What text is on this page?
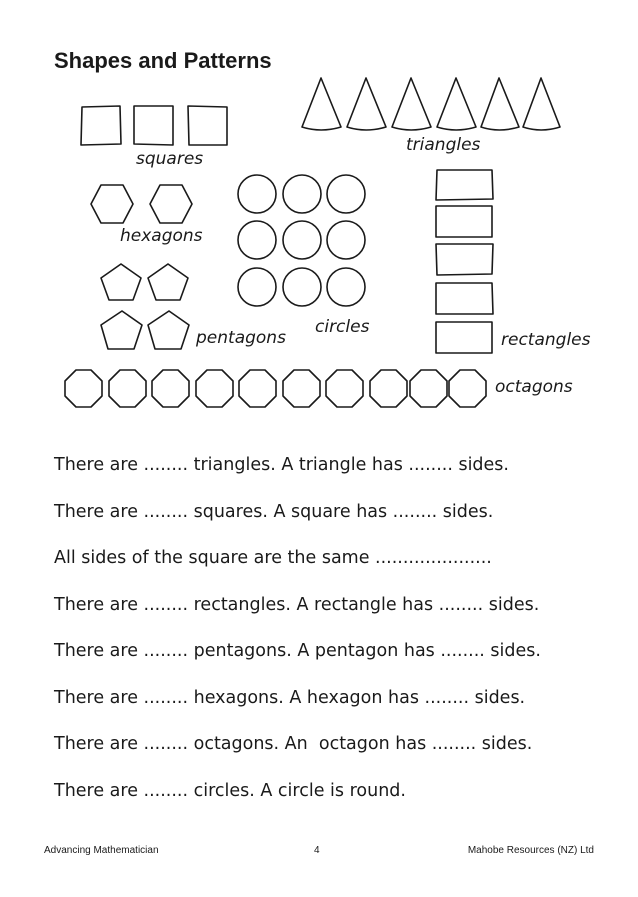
Shapes and Patterns
squares
triangles
hexagons
circles
pentagons	rectangles
octagons
There are ........ triangles. A triangle has ........ sides.
There are ........ squares. A square has ........ sides.
All sides of the square are the same .....................
There are ........ rectangles. A rectangle has ........ sides.
There are ........ pentagons. A pentagon has ........ sides.
There are ........ hexagons. A hexagon has ........ sides.
There are ........ octagons. An  octagon has ........ sides.
There are ........ circles. A circle is round.
Advancing Mathematician	4	Mahobe Resources (NZ) Ltd
